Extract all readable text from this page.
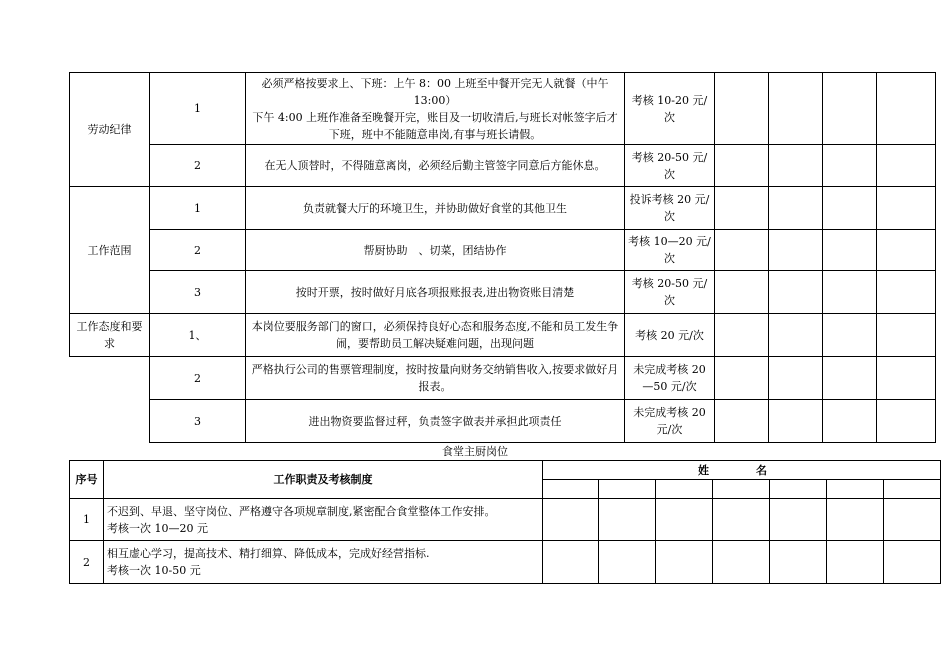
劳动纪律	1	必须严格按要求上、下班：上午 8：00 上班至中餐开完无人就餐（中午 13:00）
下午 4:00 上班作准备至晚餐开完，账目及一切收清后,与班长对帐签字后才下班，班中不能随意串岗,有事与班长请假。	考核 10-20 元/次				
	2	在无人顶替时，不得随意离岗，必须经后勤主管签字同意后方能休息。	考核 20-50 元/次				
工作范围	1	负责就餐大厅的环境卫生，并协助做好食堂的其他卫生	投诉考核 20 元/次				
	2	帮厨协助　、切菜，团结协作	考核 10—20 元/次				
	3	按时开票，按时做好月底各项报账报表,进出物资账目清楚	考核 20-50 元/次				
工作态度和要求	1、	本岗位要服务部门的窗口，必须保持良好心态和服务态度,不能和员工发生争闹，要帮助员工解决疑难问题，出现问题	考核 20 元/次				
	2	严格执行公司的售票管理制度，按时按量向财务交纳销售收入,按要求做好月报表。	未完成考核 20—50 元/次				
	3	进出物资要监督过秤，负责签字做表并承担此项责任	未完成考核 20 元/次				
食堂主厨岗位
序号	工作职责及考核制度	姓　名						

1	不迟到、早退、坚守岗位、严格遵守各项规章制度,紧密配合食堂整体工作安排。
考核一次 10—20 元							

2	相互虚心学习，提高技术、精打细算、降低成本，完成好经营指标.
考核一次 10-50 元							
